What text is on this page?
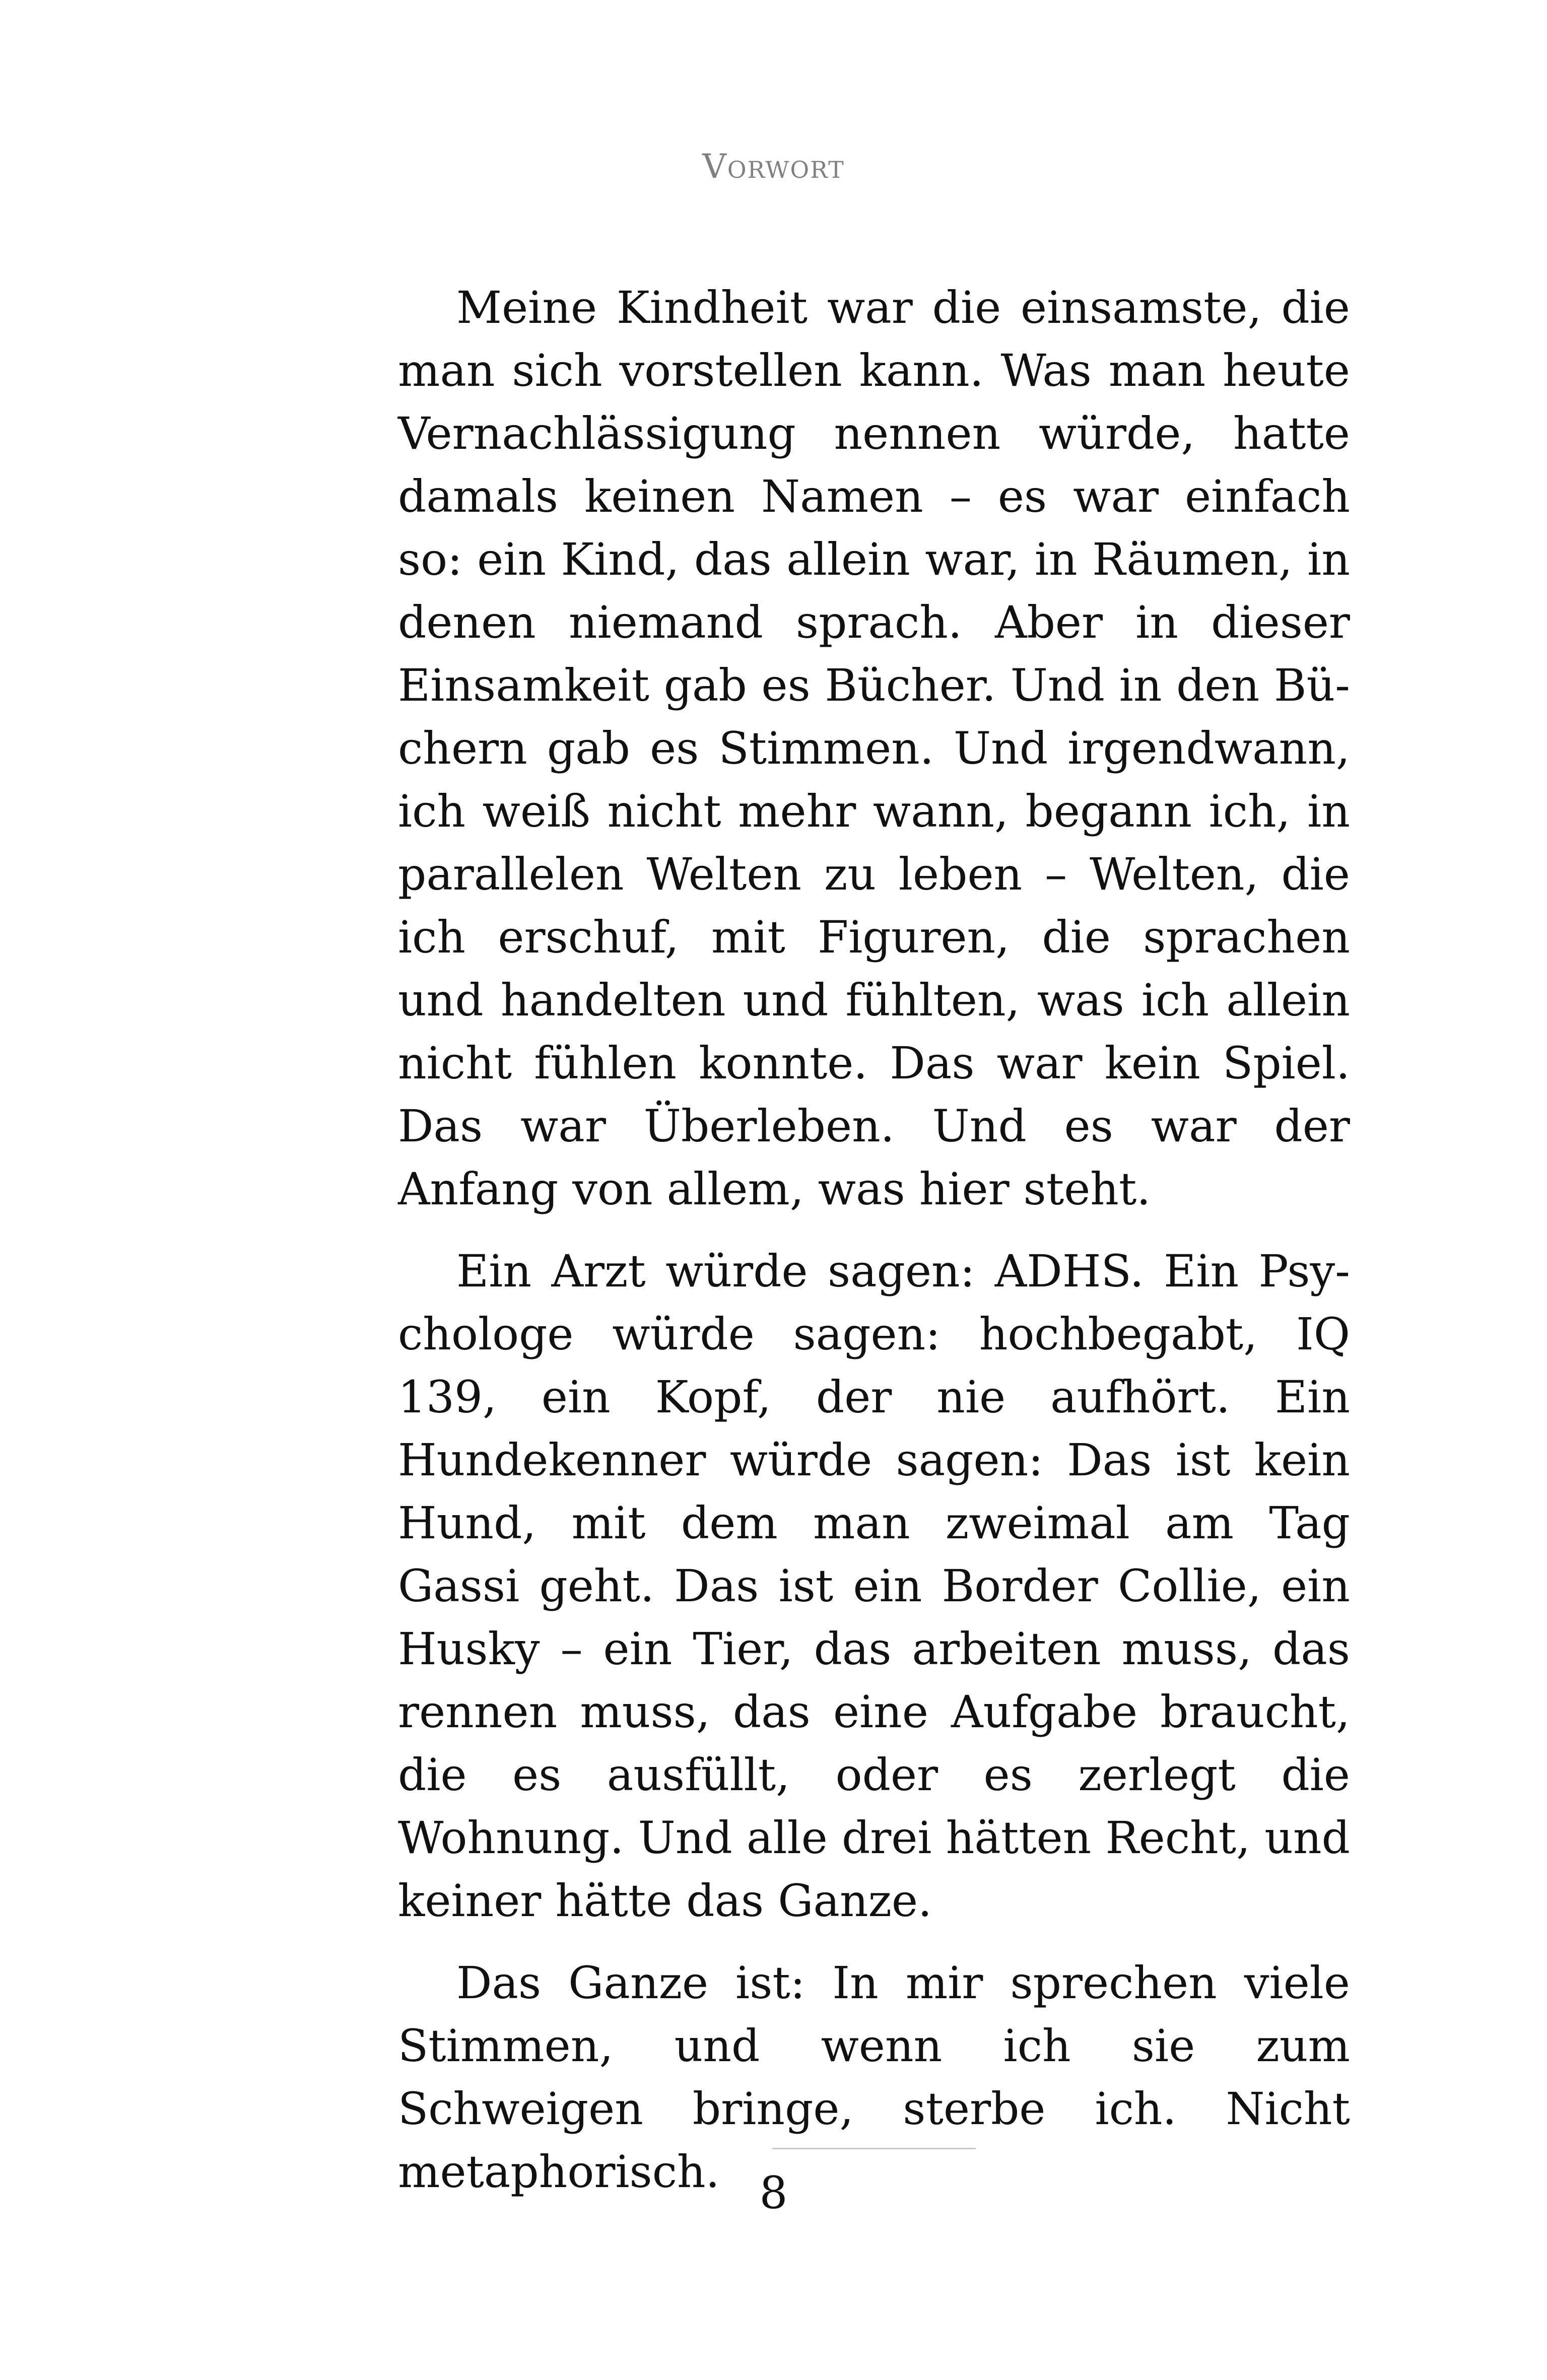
Vorwort

Meine Kindheit war die einsamste, die man sich vorstellen kann. Was man heute Vernachlässigung nennen würde, hatte damals keinen Namen – es war einfach so: ein Kind, das allein war, in Räumen, in denen niemand sprach. Aber in dieser Einsamkeit gab es Bücher. Und in den Büchern gab es Stimmen. Und irgendwann, ich weiß nicht mehr wann, begann ich, in parallelen Welten zu leben – Welten, die ich erschuf, mit Figuren, die sprachen und handelten und fühlten, was ich allein nicht fühlen konnte. Das war kein Spiel. Das war Überleben. Und es war der Anfang von allem, was hier steht.

Ein Arzt würde sagen: ADHS. Ein Psychologe würde sagen: hochbegabt, IQ 139, ein Kopf, der nie aufhört. Ein Hundekenner würde sagen: Das ist kein Hund, mit dem man zweimal am Tag Gassi geht. Das ist ein Border Collie, ein Husky – ein Tier, das arbeiten muss, das rennen muss, das eine Aufgabe braucht, die es ausfüllt, oder es zerlegt die Wohnung. Und alle drei hätten Recht, und keiner hätte das Ganze.

Das Ganze ist: In mir sprechen viele Stimmen, und wenn ich sie zum Schweigen bringe, sterbe ich. Nicht metaphorisch. 8
